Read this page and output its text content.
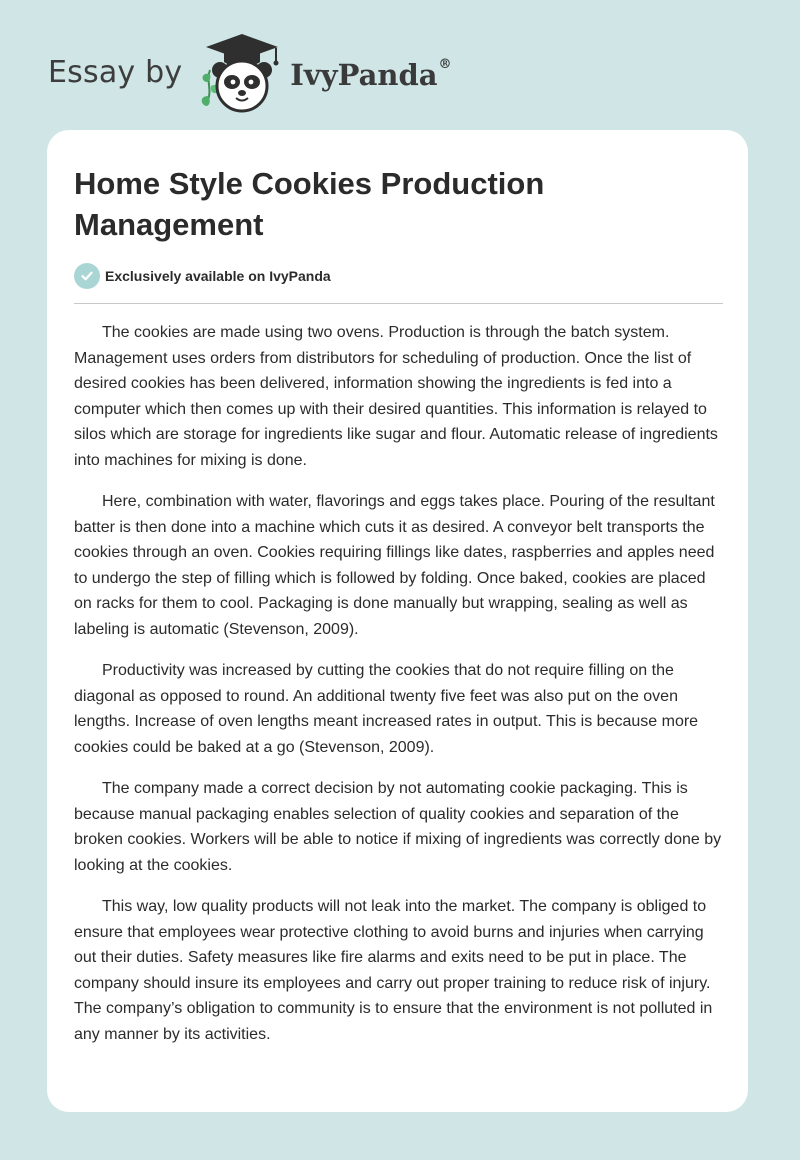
Essay by	IvyPanda®
Home Style Cookies Production Management
Exclusively available on IvyPanda

The cookies are made using two ovens. Production is through the batch system. Management uses orders from distributors for scheduling of production. Once the list of desired cookies has been delivered, information showing the ingredients is fed into a computer which then comes up with their desired quantities. This information is relayed to silos which are storage for ingredients like sugar and flour. Automatic release of ingredients into machines for mixing is done.

Here, combination with water, flavorings and eggs takes place. Pouring of the resultant batter is then done into a machine which cuts it as desired. A conveyor belt transports the cookies through an oven. Cookies requiring fillings like dates, raspberries and apples need to undergo the step of filling which is followed by folding. Once baked, cookies are placed on racks for them to cool. Packaging is done manually but wrapping, sealing as well as labeling is automatic (Stevenson, 2009).

Productivity was increased by cutting the cookies that do not require filling on the diagonal as opposed to round. An additional twenty five feet was also put on the oven lengths. Increase of oven lengths meant increased rates in output. This is because more cookies could be baked at a go (Stevenson, 2009).

The company made a correct decision by not automating cookie packaging. This is because manual packaging enables selection of quality cookies and separation of the broken cookies. Workers will be able to notice if mixing of ingredients was correctly done by looking at the cookies.

This way, low quality products will not leak into the market. The company is obliged to ensure that employees wear protective clothing to avoid burns and injuries when carrying out their duties. Safety measures like fire alarms and exits need to be put in place. The company should insure its employees and carry out proper training to reduce risk of injury. The company’s obligation to community is to ensure that the environment is not polluted in any manner by its activities.
